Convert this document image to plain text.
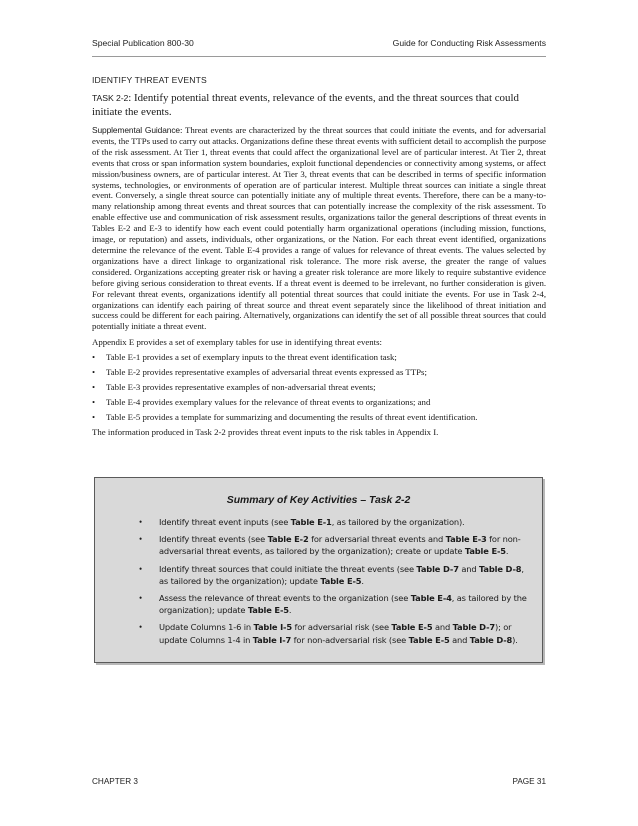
Special Publication 800-30	Guide for Conducting Risk Assessments
IDENTIFY THREAT EVENTS

TASK 2-2: Identify potential threat events, relevance of the events, and the threat sources that could initiate the events.

Supplemental Guidance: Threat events are characterized by the threat sources that could initiate the events, and for adversarial events, the TTPs used to carry out attacks. Organizations define these threat events with sufficient detail to accomplish the purpose of the risk assessment. At Tier 1, threat events that could affect the organizational level are of particular interest. At Tier 2, threat events that cross or span information system boundaries, exploit functional dependencies or connectivity among systems, or affect mission/business owners, are of particular interest. At Tier 3, threat events that can be described in terms of specific information systems, technologies, or environments of operation are of particular interest. Multiple threat sources can initiate a single threat event. Conversely, a single threat source can potentially initiate any of multiple threat events. Therefore, there can be a many-to-many relationship among threat events and threat sources that can potentially increase the complexity of the risk assessment. To enable effective use and communication of risk assessment results, organizations tailor the general descriptions of threat events in Tables E-2 and E-3 to identify how each event could potentially harm organizational operations (including mission, functions, image, or reputation) and assets, individuals, other organizations, or the Nation. For each threat event identified, organizations determine the relevance of the event. Table E-4 provides a range of values for relevance of threat events. The values selected by organizations have a direct linkage to organizational risk tolerance. The more risk averse, the greater the range of values considered. Organizations accepting greater risk or having a greater risk tolerance are more likely to require substantive evidence before giving serious consideration to threat events. If a threat event is deemed to be irrelevant, no further consideration is given. For relevant threat events, organizations identify all potential threat sources that could initiate the events. For use in Task 2-4, organizations can identify each pairing of threat source and threat event separately since the likelihood of threat initiation and success could be different for each pairing. Alternatively, organizations can identify the set of all possible threat sources that could potentially initiate a threat event.

Appendix E provides a set of exemplary tables for use in identifying threat events:

• Table E-1 provides a set of exemplary inputs to the threat event identification task;
• Table E-2 provides representative examples of adversarial threat events expressed as TTPs;
• Table E-3 provides representative examples of non-adversarial threat events;
• Table E-4 provides exemplary values for the relevance of threat events to organizations; and
• Table E-5 provides a template for summarizing and documenting the results of threat event identification.

The information produced in Task 2-2 provides threat event inputs to the risk tables in Appendix I.

Summary of Key Activities – Task 2-2
• Identify threat event inputs (see Table E-1, as tailored by the organization).
• Identify threat events (see Table E-2 for adversarial threat events and Table E-3 for non-adversarial threat events, as tailored by the organization); create or update Table E-5.
• Identify threat sources that could initiate the threat events (see Table D-7 and Table D-8, as tailored by the organization); update Table E-5.
• Assess the relevance of threat events to the organization (see Table E-4, as tailored by the organization); update Table E-5.
• Update Columns 1-6 in Table I-5 for adversarial risk (see Table E-5 and Table D-7); or update Columns 1-4 in Table I-7 for non-adversarial risk (see Table E-5 and Table D-8).
CHAPTER 3	PAGE 31
